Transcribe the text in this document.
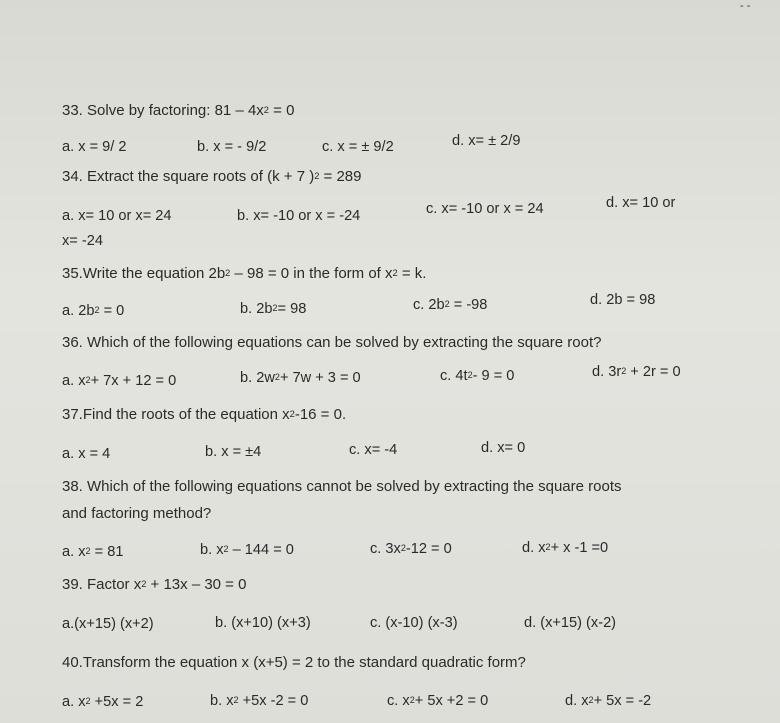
- -
33. Solve by factoring: $81 - 4x^2 = 0$
a. x = 9/ 2	b. x = - 9/2	c. x = ± 9/2	d. x= ± 2/9
34. Extract the square roots of (k + 7 )$^2$ = 289
a. x= 10 or x= 24	b. x= -10 or x = -24	c. x= -10 or x = 24	d. x= 10 or
x= -24
35.Write the equation $2b^2 - 98 = 0$ in the form of $x^2 = k$.
a. $2b^2 = 0$	b. $2b^2= 98$	c. $2b^2 = -98$	d. 2b = 98
36. Which of the following equations can be solved by extracting the square root?
a. $x^2+ 7x + 12 = 0$	b. $2w^2+ 7w + 3 = 0$	c. $4t^2-$ 9 = 0	d. $3r^2 + 2r = 0$
37.Find the roots of the equation $x^2-16 = 0$.
a. x = 4	b. x = ±4	c. x= -4	d. x= 0
38. Which of the following equations cannot be solved by extracting the square roots
and factoring method?
a. $x^2 = 81$	b. $x^2 - 144 = 0$	c. $3x^2-12 = 0$	d. $x^2+ x$ -1 =0
39. Factor $x^2 + 13x - 30 = 0$
a.(x+15) (x+2)	b. (x+10) (x+3)	c. (x-10) (x-3)	d. (x+15) (x-2)
40.Transform the equation x (x+5) = 2 to the standard quadratic form?
a. $x^2 +5x = 2$	b. $x^2 +5x$ -2 = 0	c. $x^2+ 5x +2 = 0$	d. $x^2+ 5x = -2$
